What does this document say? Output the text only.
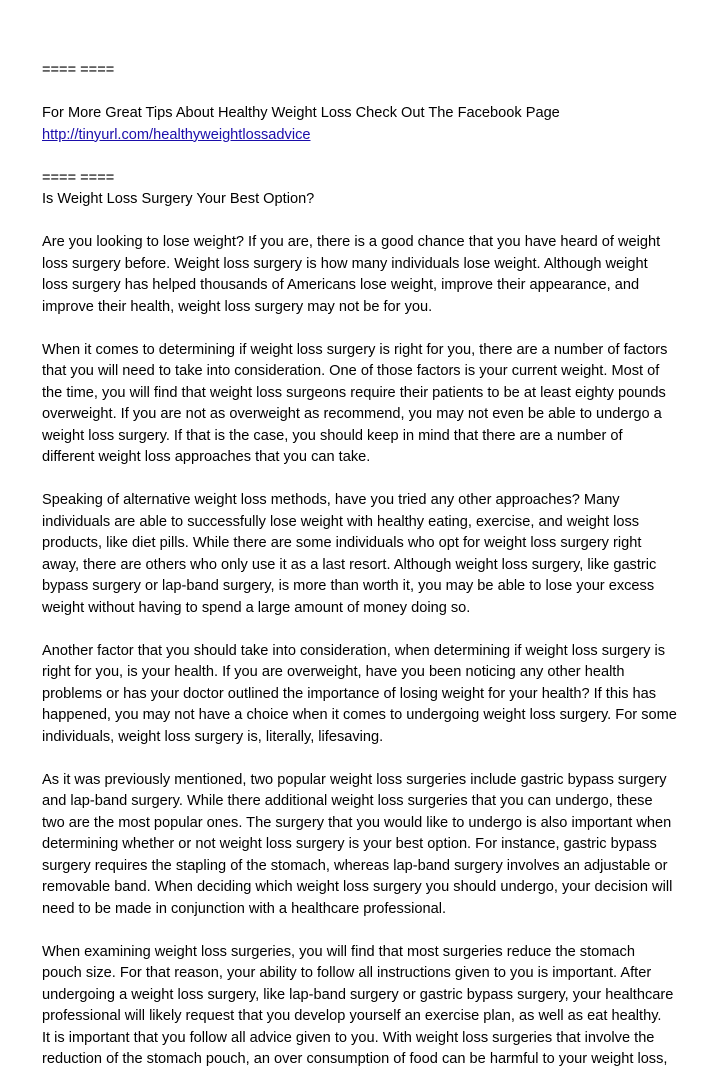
==== ====
For More Great Tips About Healthy Weight Loss Check Out The Facebook Page
http://tinyurl.com/healthyweightlossadvice
==== ====
Is Weight Loss Surgery Your Best Option?
Are you looking to lose weight? If you are, there is a good chance that you have heard of weight
loss surgery before. Weight loss surgery is how many individuals lose weight. Although weight
loss surgery has helped thousands of Americans lose weight, improve their appearance, and
improve their health, weight loss surgery may not be for you.
When it comes to determining if weight loss surgery is right for you, there are a number of factors
that you will need to take into consideration. One of those factors is your current weight. Most of
the time, you will find that weight loss surgeons require their patients to be at least eighty pounds
overweight. If you are not as overweight as recommend, you may not even be able to undergo a
weight loss surgery. If that is the case, you should keep in mind that there are a number of
different weight loss approaches that you can take.
Speaking of alternative weight loss methods, have you tried any other approaches? Many
individuals are able to successfully lose weight with healthy eating, exercise, and weight loss
products, like diet pills. While there are some individuals who opt for weight loss surgery right
away, there are others who only use it as a last resort. Although weight loss surgery, like gastric
bypass surgery or lap-band surgery, is more than worth it, you may be able to lose your excess
weight without having to spend a large amount of money doing so.
Another factor that you should take into consideration, when determining if weight loss surgery is
right for you, is your health. If you are overweight, have you been noticing any other health
problems or has your doctor outlined the importance of losing weight for your health? If this has
happened, you may not have a choice when it comes to undergoing weight loss surgery. For some
individuals, weight loss surgery is, literally, lifesaving.
As it was previously mentioned, two popular weight loss surgeries include gastric bypass surgery
and lap-band surgery. While there additional weight loss surgeries that you can undergo, these
two are the most popular ones. The surgery that you would like to undergo is also important when
determining whether or not weight loss surgery is your best option. For instance, gastric bypass
surgery requires the stapling of the stomach, whereas lap-band surgery involves an adjustable or
removable band. When deciding which weight loss surgery you should undergo, your decision will
need to be made in conjunction with a healthcare professional.
When examining weight loss surgeries, you will find that most surgeries reduce the stomach
pouch size. For that reason, your ability to follow all instructions given to you is important. After
undergoing a weight loss surgery, like lap-band surgery or gastric bypass surgery, your healthcare
professional will likely request that you develop yourself an exercise plan, as well as eat healthy.
It is important that you follow all advice given to you. With weight loss surgeries that involve the
reduction of the stomach pouch, an over consumption of food can be harmful to your weight loss,
